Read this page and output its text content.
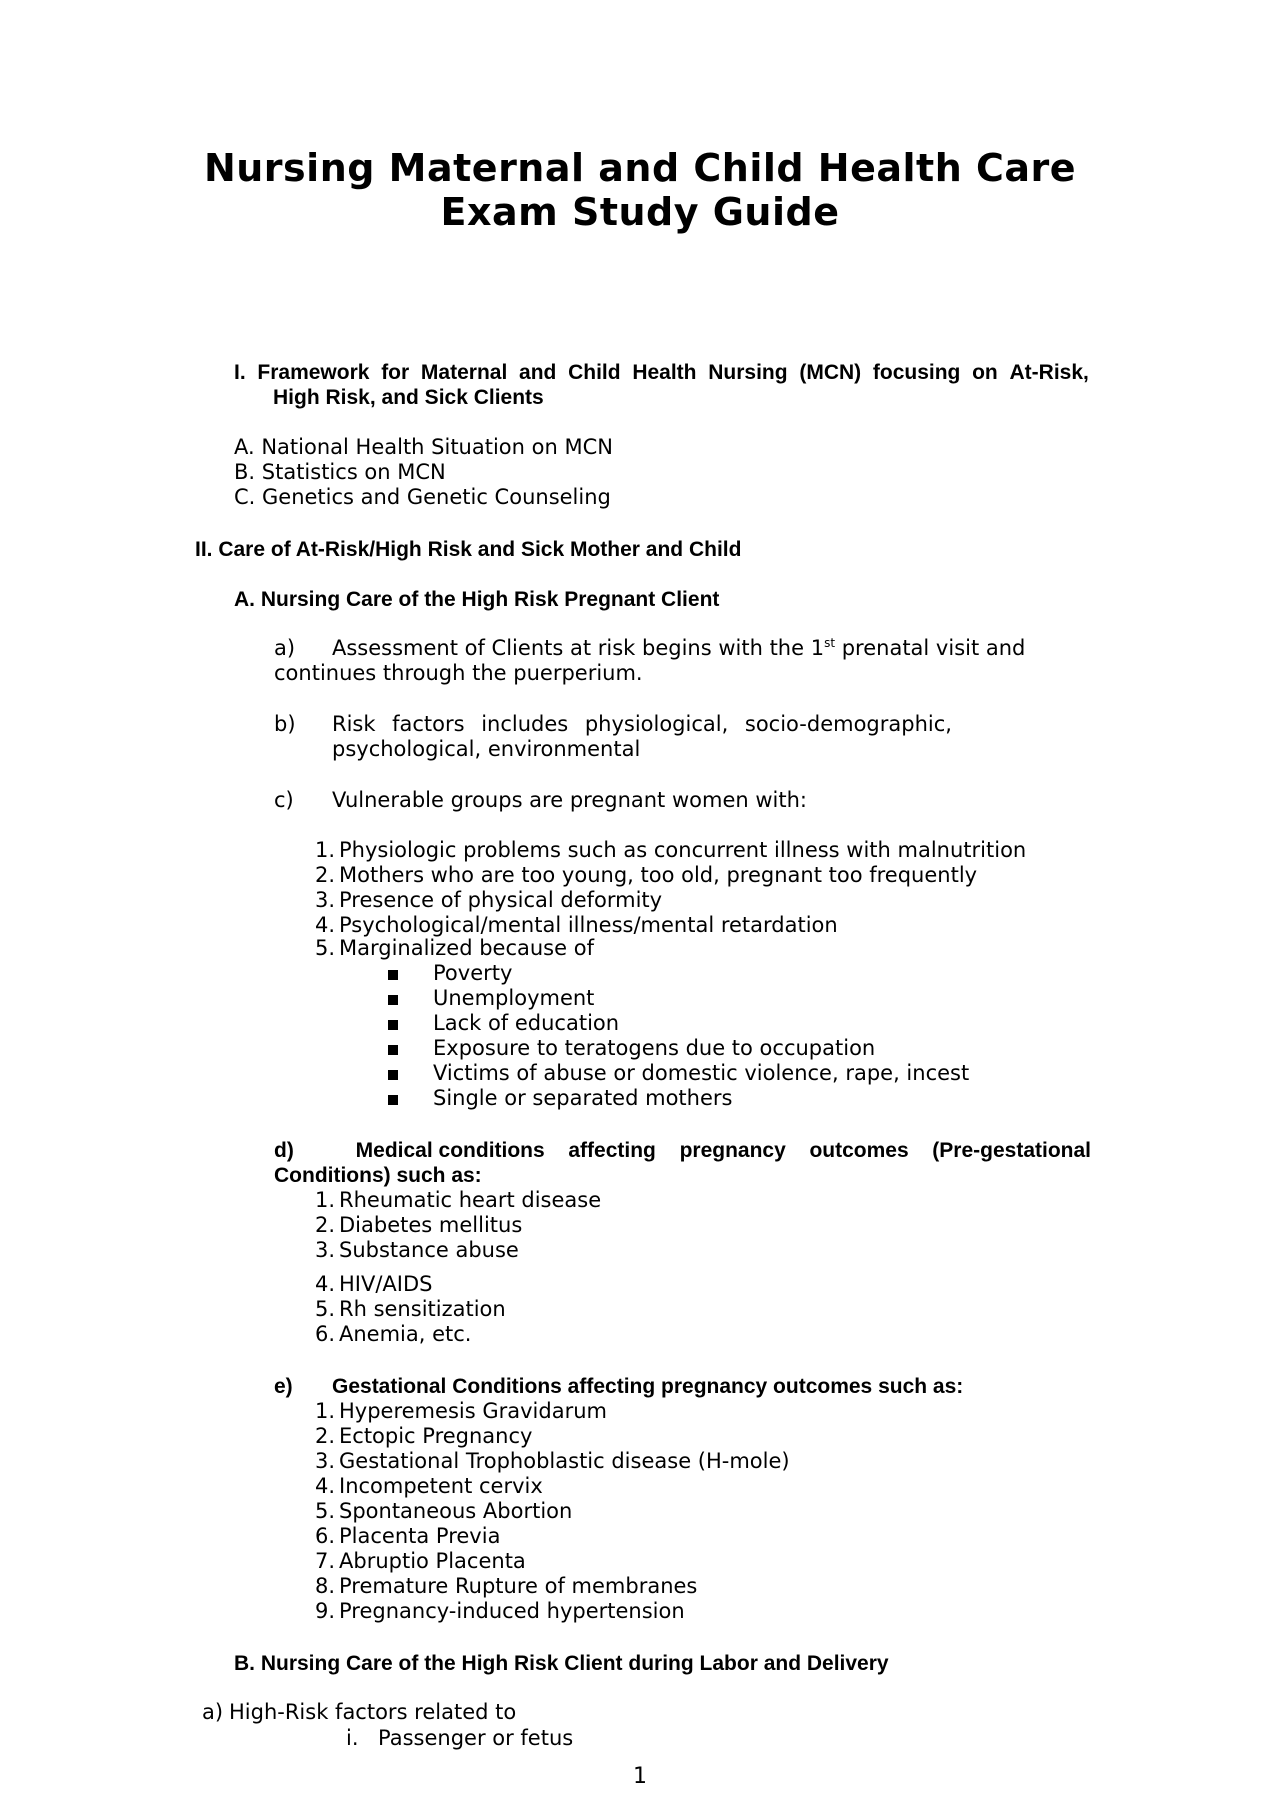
Nursing Maternal and Child Health Care
Exam Study Guide
I. Framework for Maternal and Child Health Nursing (MCN) focusing on At-Risk,
High Risk, and Sick Clients
A. National Health Situation on MCN
B. Statistics on MCN
C. Genetics and Genetic Counseling
II. Care of At-Risk/High Risk and Sick Mother and Child
A. Nursing Care of the High Risk Pregnant Client
a) Assessment of Clients at risk begins with the 1st prenatal visit and
continues through the puerperium.
b) Risk factors includes physiological, socio-demographic,
psychological, environmental
c) Vulnerable groups are pregnant women with:
1. Physiologic problems such as concurrent illness with malnutrition
2. Mothers who are too young, too old, pregnant too frequently
3. Presence of physical deformity
4. Psychological/mental illness/mental retardation
5. Marginalized because of
Poverty
Unemployment
Lack of education
Exposure to teratogens due to occupation
Victims of abuse or domestic violence, rape, incest
Single or separated mothers
d)	Medical conditions affecting pregnancy outcomes (Pre-gestational
Conditions) such as:
1. Rheumatic heart disease
2. Diabetes mellitus
3. Substance abuse
4. HIV/AIDS
5. Rh sensitization
6. Anemia, etc.
e) Gestational Conditions affecting pregnancy outcomes such as:
1. Hyperemesis Gravidarum
2. Ectopic Pregnancy
3. Gestational Trophoblastic disease (H-mole)
4. Incompetent cervix
5. Spontaneous Abortion
6. Placenta Previa
7. Abruptio Placenta
8. Premature Rupture of membranes
9. Pregnancy-induced hypertension
B. Nursing Care of the High Risk Client during Labor and Delivery
a) High-Risk factors related to
i. Passenger or fetus
1
